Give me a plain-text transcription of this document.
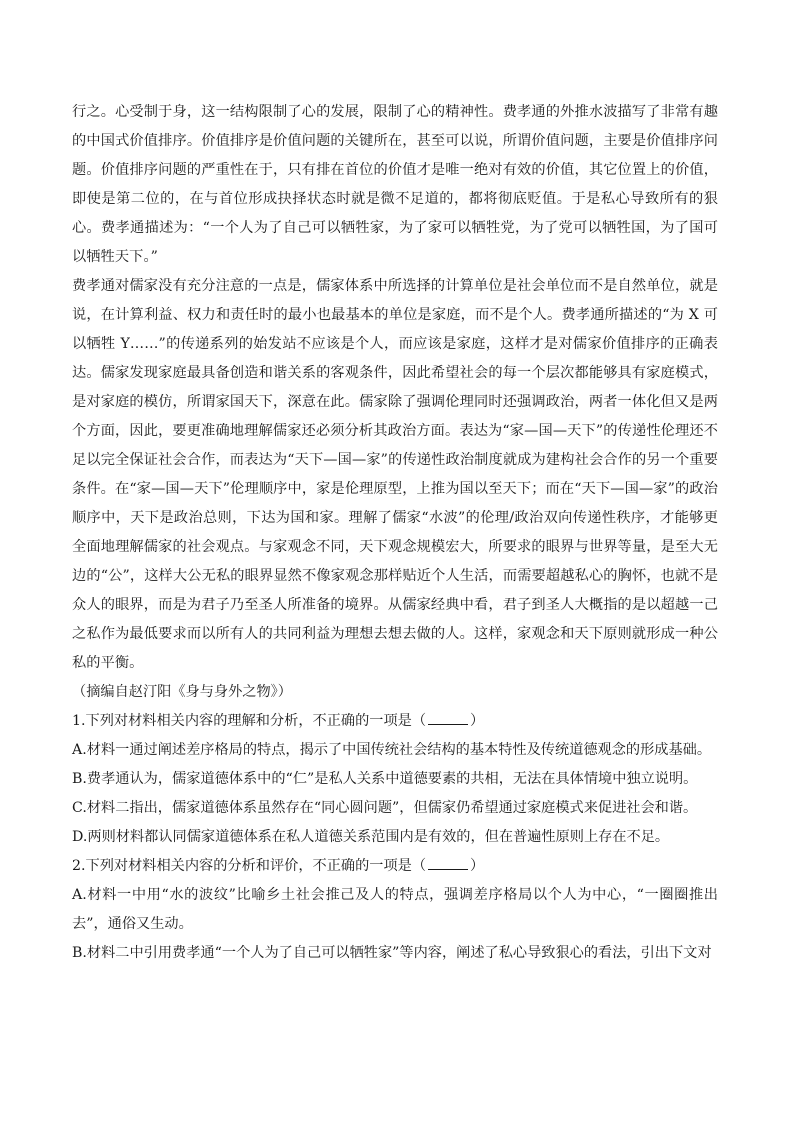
行之。心受制于身，这一结构限制了心的发展，限制了心的精神性。费孝通的外推水波描写了非常有趣的中国式价值排序。价值排序是价值问题的关键所在，甚至可以说，所谓价值问题，主要是价值排序问题。价值排序问题的严重性在于，只有排在首位的价值才是唯一绝对有效的价值，其它位置上的价值，即使是第二位的，在与首位形成抉择状态时就是微不足道的，都将彻底贬值。于是私心导致所有的狠心。费孝通描述为：“一个人为了自己可以牺牲家，为了家可以牺牲党，为了党可以牺牲国，为了国可以牺牲天下。”

费孝通对儒家没有充分注意的一点是，儒家体系中所选择的计算单位是社会单位而不是自然单位，就是说，在计算利益、权力和责任时的最小也最基本的单位是家庭，而不是个人。费孝通所描述的“为 X 可以牺牲 Y……”的传递系列的始发站不应该是个人，而应该是家庭，这样才是对儒家价值排序的正确表达。儒家发现家庭最具备创造和谐关系的客观条件，因此希望社会的每一个层次都能够具有家庭模式，是对家庭的模仿，所谓家国天下，深意在此。儒家除了强调伦理同时还强调政治，两者一体化但又是两个方面，因此，要更准确地理解儒家还必须分析其政治方面。表达为“家—国—天下”的传递性伦理还不足以完全保证社会合作，而表达为“天下—国—家”的传递性政治制度就成为建构社会合作的另一个重要条件。在“家—国—天下”伦理顺序中，家是伦理原型，上推为国以至天下；而在“天下—国—家”的政治顺序中，天下是政治总则，下达为国和家。理解了儒家“水波”的伦理/政治双向传递性秩序，才能够更全面地理解儒家的社会观点。与家观念不同，天下观念规模宏大，所要求的眼界与世界等量，是至大无边的“公”，这样大公无私的眼界显然不像家观念那样贴近个人生活，而需要超越私心的胸怀，也就不是众人的眼界，而是为君子乃至圣人所准备的境界。从儒家经典中看，君子到圣人大概指的是以超越一己之私作为最低要求而以所有人的共同利益为理想去想去做的人。这样，家观念和天下原则就形成一种公私的平衡。

（摘编自赵汀阳《身与身外之物》）

1.下列对材料相关内容的理解和分析，不正确的一项是（	）

A.材料一通过阐述差序格局的特点，揭示了中国传统社会结构的基本特性及传统道德观念的形成基础。

B.费孝通认为，儒家道德体系中的“仁”是私人关系中道德要素的共相，无法在具体情境中独立说明。

C.材料二指出，儒家道德体系虽然存在“同心圆问题”，但儒家仍希望通过家庭模式来促进社会和谐。

D.两则材料都认同儒家道德体系在私人道德关系范围内是有效的，但在普遍性原则上存在不足。

2.下列对材料相关内容的分析和评价，不正确的一项是（	）

A.材料一中用“水的波纹”比喻乡土社会推己及人的特点，强调差序格局以个人为中心，“一圈圈推出去”，通俗又生动。

B.材料二中引用费孝通“一个人为了自己可以牺牲家”等内容，阐述了私心导致狠心的看法，引出下文对
